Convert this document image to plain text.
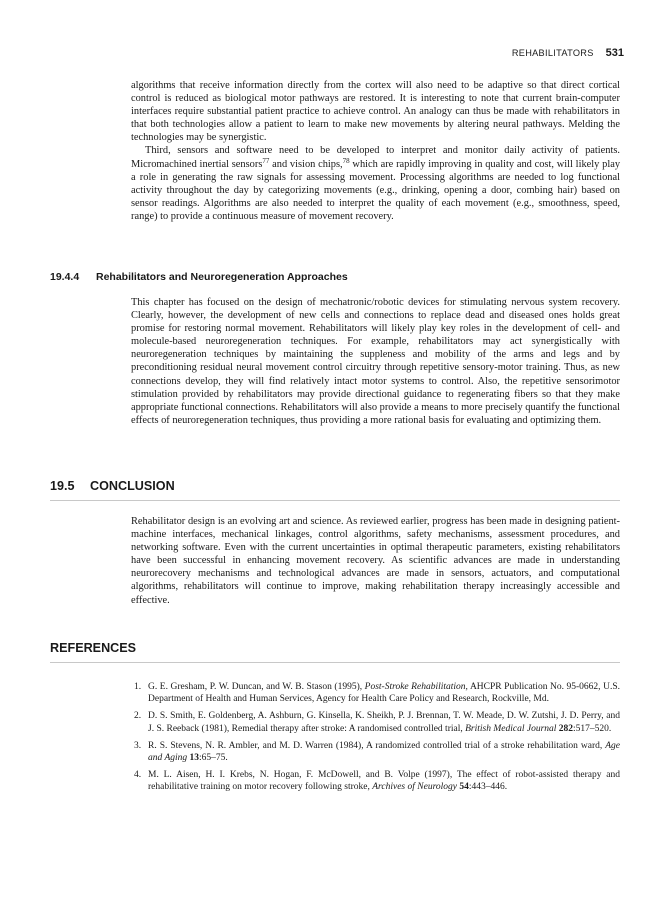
REHABILITATORS 531

algorithms that receive information directly from the cortex will also need to be adaptive so that direct cortical control is reduced as biological motor pathways are restored. It is interesting to note that current brain-computer interfaces require substantial patient practice to achieve control. An analogy can thus be made with rehabilitators in that both technologies allow a patient to learn to make new movements by altering neural pathways. Melding the technologies may be synergistic.

Third, sensors and software need to be developed to interpret and monitor daily activity of patients. Micromachined inertial sensors$^{77}$ and vision chips,$^{78}$ which are rapidly improving in quality and cost, will likely play a role in generating the raw signals for assessing movement. Processing algorithms are needed to log functional activity throughout the day by categorizing movements (e.g., drinking, opening a door, combing hair) based on sensor readings. Algorithms are also needed to interpret the quality of each movement (e.g., smoothness, speed, range) to provide a continuous measure of movement recovery.

19.4.4 Rehabilitators and Neuroregeneration Approaches

This chapter has focused on the design of mechatronic/robotic devices for stimulating nervous system recovery. Clearly, however, the development of new cells and connections to replace dead and diseased ones holds great promise for restoring normal movement. Rehabilitators will likely play key roles in the development of cell- and molecule-based neuroregeneration techniques. For example, rehabilitators may act synergistically with neuroregeneration techniques by maintaining the suppleness and mobility of the arms and legs and by preconditioning residual neural movement control circuitry through repetitive sensory-motor training. Thus, as new connections develop, they will find relatively intact motor systems to control. Also, the repetitive sensorimotor stimulation provided by rehabilitators may provide directional guidance to regenerating fibers so that they make appropriate functional connections. Rehabilitators will also provide a means to more precisely quantify the functional effects of neuroregeneration techniques, thus providing a more rational basis for evaluating and optimizing them.

19.5 CONCLUSION

Rehabilitator design is an evolving art and science. As reviewed earlier, progress has been made in designing patient-machine interfaces, mechanical linkages, control algorithms, safety mechanisms, assessment procedures, and networking software. Even with the current uncertainties in optimal therapeutic parameters, existing rehabilitators have been successful in enhancing movement recovery. As scientific advances are made in understanding neurorecovery mechanisms and technological advances are made in sensors, actuators, and computational algorithms, rehabilitators will continue to improve, making rehabilitation therapy increasingly accessible and effective.

REFERENCES
1. G. E. Gresham, P. W. Duncan, and W. B. Stason (1995), Post-Stroke Rehabilitation, AHCPR Publication No. 95-0662, U.S. Department of Health and Human Services, Agency for Health Care Policy and Research, Rockville, Md.
2. D. S. Smith, E. Goldenberg, A. Ashburn, G. Kinsella, K. Sheikh, P. J. Brennan, T. W. Meade, D. W. Zutshi, J. D. Perry, and J. S. Reeback (1981), Remedial therapy after stroke: A randomised controlled trial, British Medical Journal 282:517–520.
3. R. S. Stevens, N. R. Ambler, and M. D. Warren (1984), A randomized controlled trial of a stroke rehabilitation ward, Age and Aging 13:65–75.
4. M. L. Aisen, H. I. Krebs, N. Hogan, F. McDowell, and B. Volpe (1997), The effect of robot-assisted therapy and rehabilitative training on motor recovery following stroke, Archives of Neurology 54:443–446.
